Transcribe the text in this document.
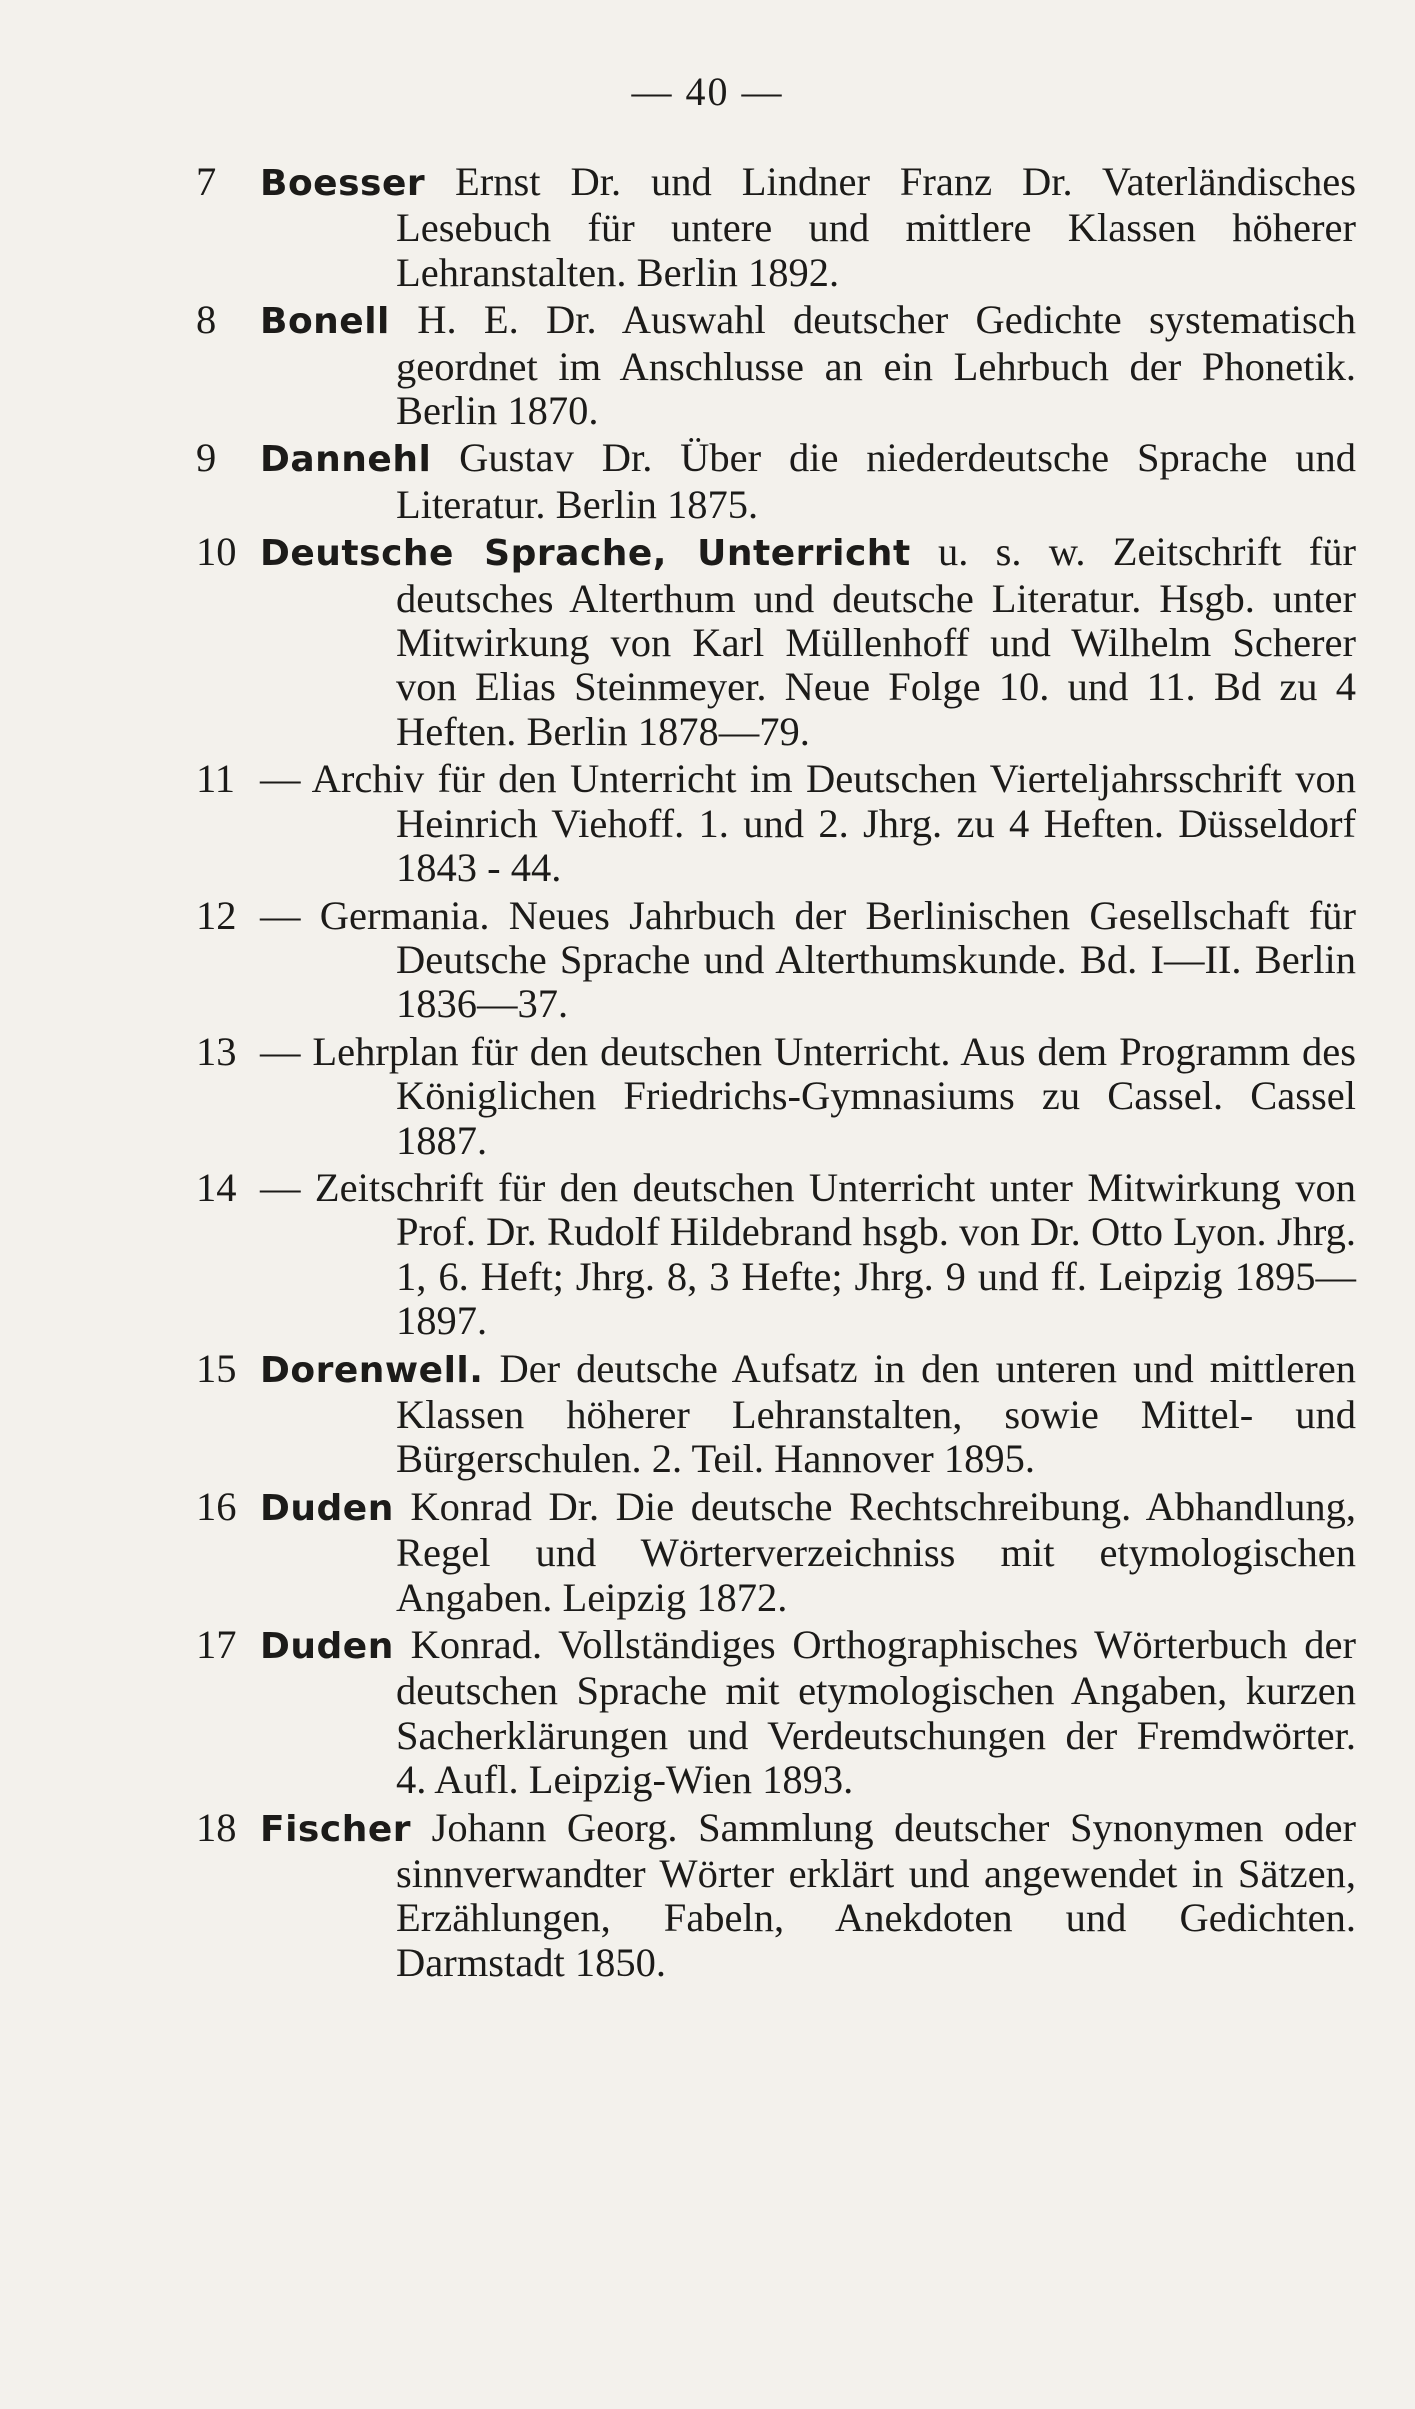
— 40 —
7	Boesser Ernst Dr. und Lindner Franz Dr. Vaterländisches Lesebuch für untere und mittlere Klassen höherer Lehranstalten. Berlin 1892.
8	Bonell H. E. Dr. Auswahl deutscher Gedichte systematisch geordnet im Anschlusse an ein Lehrbuch der Phonetik. Berlin 1870.
9	Dannehl Gustav Dr. Über die niederdeutsche Sprache und Literatur. Berlin 1875.
10 Deutsche Sprache, Unterricht u. s. w. Zeitschrift für deutsches Alterthum und deutsche Literatur. Hsgb. unter Mitwirkung von Karl Müllenhoff und Wilhelm Scherer von Elias Steinmeyer. Neue Folge 10. und 11. Bd zu 4 Heften. Berlin 1878—79.
11 — Archiv für den Unterricht im Deutschen Vierteljahrsschrift von Heinrich Viehoff. 1. und 2. Jhrg. zu 4 Heften. Düsseldorf 1843 - 44.
12 — Germania. Neues Jahrbuch der Berlinischen Gesellschaft für Deutsche Sprache und Alterthumskunde. Bd. I—II. Berlin 1836—37.
13 — Lehrplan für den deutschen Unterricht. Aus dem Programm des Königlichen Friedrichs-Gymnasiums zu Cassel. Cassel 1887.
14 — Zeitschrift für den deutschen Unterricht unter Mitwirkung von Prof. Dr. Rudolf Hildebrand hsgb. von Dr. Otto Lyon. Jhrg. 1, 6. Heft; Jhrg. 8, 3 Hefte; Jhrg. 9 und ff. Leipzig 1895—1897.
15 Dorenwell. Der deutsche Aufsatz in den unteren und mittleren Klassen höherer Lehranstalten, sowie Mittel- und Bürgerschulen. 2. Teil. Hannover 1895.
16 Duden Konrad Dr. Die deutsche Rechtschreibung. Abhandlung, Regel und Wörterverzeichniss mit etymologischen Angaben. Leipzig 1872.
17 Duden Konrad. Vollständiges Orthographisches Wörterbuch der deutschen Sprache mit etymologischen Angaben, kurzen Sacherklärungen und Verdeutschungen der Fremdwörter. 4. Aufl. Leipzig-Wien 1893.
18 Fischer Johann Georg. Sammlung deutscher Synonymen oder sinnverwandter Wörter erklärt und angewendet in Sätzen, Erzählungen, Fabeln, Anekdoten und Gedichten. Darmstadt 1850.
